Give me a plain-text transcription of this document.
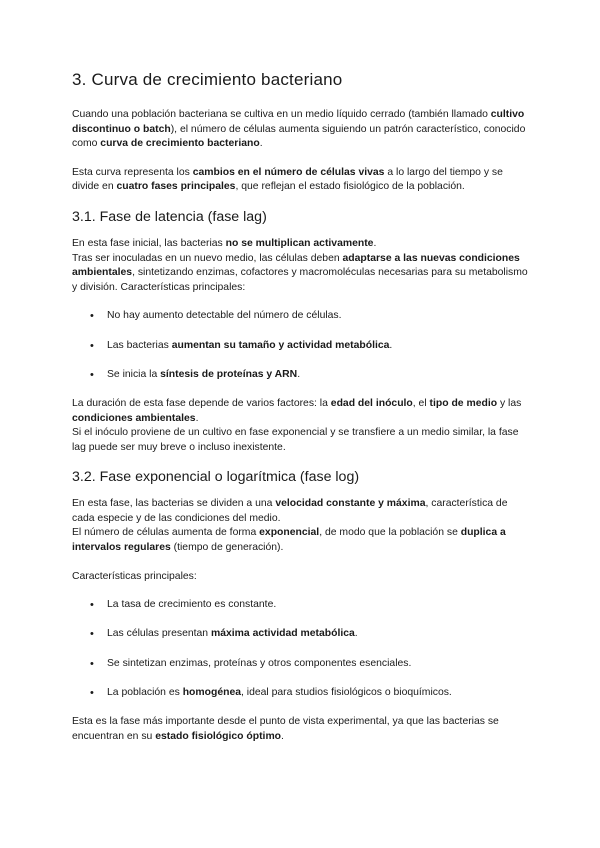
3. Curva de crecimiento bacteriano

Cuando una población bacteriana se cultiva en un medio líquido cerrado (también llamado cultivo discontinuo o batch), el número de células aumenta siguiendo un patrón característico, conocido como curva de crecimiento bacteriano.

Esta curva representa los cambios en el número de células vivas a lo largo del tiempo y se divide en cuatro fases principales, que reflejan el estado fisiológico de la población.

3.1. Fase de latencia (fase lag)

En esta fase inicial, las bacterias no se multiplican activamente.
Tras ser inoculadas en un nuevo medio, las células deben adaptarse a las nuevas condiciones ambientales, sintetizando enzimas, cofactores y macromoléculas necesarias para su metabolismo y división. Características principales:

• No hay aumento detectable del número de células.
• Las bacterias aumentan su tamaño y actividad metabólica.
• Se inicia la síntesis de proteínas y ARN.

La duración de esta fase depende de varios factores: la edad del inóculo, el tipo de medio y las condiciones ambientales.
Si el inóculo proviene de un cultivo en fase exponencial y se transfiere a un medio similar, la fase lag puede ser muy breve o incluso inexistente.

3.2. Fase exponencial o logarítmica (fase log)

En esta fase, las bacterias se dividen a una velocidad constante y máxima, característica de cada especie y de las condiciones del medio.
El número de células aumenta de forma exponencial, de modo que la población se duplica a intervalos regulares (tiempo de generación).

Características principales:

• La tasa de crecimiento es constante.
• Las células presentan máxima actividad metabólica.
• Se sintetizan enzimas, proteínas y otros componentes esenciales.
• La población es homogénea, ideal para studios fisiológicos o bioquímicos.

Esta es la fase más importante desde el punto de vista experimental, ya que las bacterias se encuentran en su estado fisiológico óptimo.
